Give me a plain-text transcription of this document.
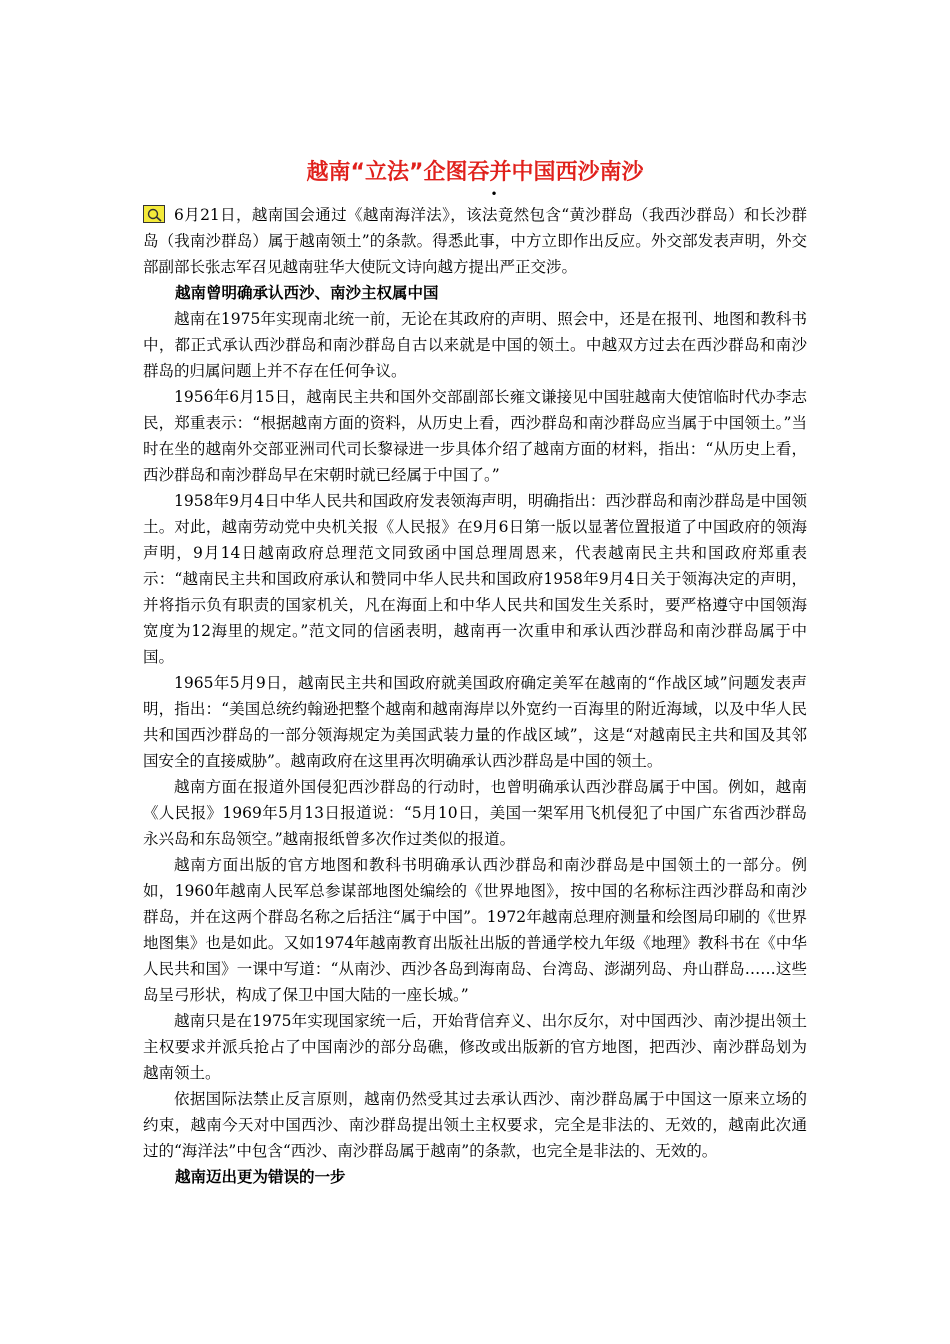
越南“立法”企图吞并中国西沙南沙
•

6月21日，越南国会通过《越南海洋法》，该法竟然包含“黄沙群岛（我西沙群岛）和长沙群岛（我南沙群岛）属于越南领土”的条款。得悉此事，中方立即作出反应。外交部发表声明，外交部副部长张志军召见越南驻华大使阮文诗向越方提出严正交涉。

越南曾明确承认西沙、南沙主权属中国

越南在1975年实现南北统一前，无论在其政府的声明、照会中，还是在报刊、地图和教科书中，都正式承认西沙群岛和南沙群岛自古以来就是中国的领土。中越双方过去在西沙群岛和南沙群岛的归属问题上并不存在任何争议。

1956年6月15日，越南民主共和国外交部副部长雍文谦接见中国驻越南大使馆临时代办李志民，郑重表示：“根据越南方面的资料，从历史上看，西沙群岛和南沙群岛应当属于中国领土。”当时在坐的越南外交部亚洲司代司长黎禄进一步具体介绍了越南方面的材料，指出：“从历史上看，西沙群岛和南沙群岛早在宋朝时就已经属于中国了。”

1958年9月4日中华人民共和国政府发表领海声明，明确指出：西沙群岛和南沙群岛是中国领土。对此，越南劳动党中央机关报《人民报》在9月6日第一版以显著位置报道了中国政府的领海声明，9月14日越南政府总理范文同致函中国总理周恩来，代表越南民主共和国政府郑重表示：“越南民主共和国政府承认和赞同中华人民共和国政府1958年9月4日关于领海决定的声明，并将指示负有职责的国家机关，凡在海面上和中华人民共和国发生关系时，要严格遵守中国领海宽度为12海里的规定。”范文同的信函表明，越南再一次重申和承认西沙群岛和南沙群岛属于中国。

1965年5月9日，越南民主共和国政府就美国政府确定美军在越南的“作战区域”问题发表声明，指出：“美国总统约翰逊把整个越南和越南海岸以外宽约一百海里的附近海域，以及中华人民共和国西沙群岛的一部分领海规定为美国武装力量的作战区域”，这是“对越南民主共和国及其邻国安全的直接威胁”。越南政府在这里再次明确承认西沙群岛是中国的领土。

越南方面在报道外国侵犯西沙群岛的行动时，也曾明确承认西沙群岛属于中国。例如，越南《人民报》1969年5月13日报道说：“5月10日，美国一架军用飞机侵犯了中国广东省西沙群岛永兴岛和东岛领空。”越南报纸曾多次作过类似的报道。

越南方面出版的官方地图和教科书明确承认西沙群岛和南沙群岛是中国领土的一部分。例如，1960年越南人民军总参谋部地图处编绘的《世界地图》，按中国的名称标注西沙群岛和南沙群岛，并在这两个群岛名称之后括注“属于中国”。1972年越南总理府测量和绘图局印刷的《世界地图集》也是如此。又如1974年越南教育出版社出版的普通学校九年级《地理》教科书在《中华人民共和国》一课中写道：“从南沙、西沙各岛到海南岛、台湾岛、澎湖列岛、舟山群岛……这些岛呈弓形状，构成了保卫中国大陆的一座长城。”

越南只是在1975年实现国家统一后，开始背信弃义、出尔反尔，对中国西沙、南沙提出领土主权要求并派兵抢占了中国南沙的部分岛礁，修改或出版新的官方地图，把西沙、南沙群岛划为越南领土。

依据国际法禁止反言原则，越南仍然受其过去承认西沙、南沙群岛属于中国这一原来立场的约束，越南今天对中国西沙、南沙群岛提出领土主权要求，完全是非法的、无效的，越南此次通过的“海洋法”中包含“西沙、南沙群岛属于越南”的条款，也完全是非法的、无效的。

越南迈出更为错误的一步
